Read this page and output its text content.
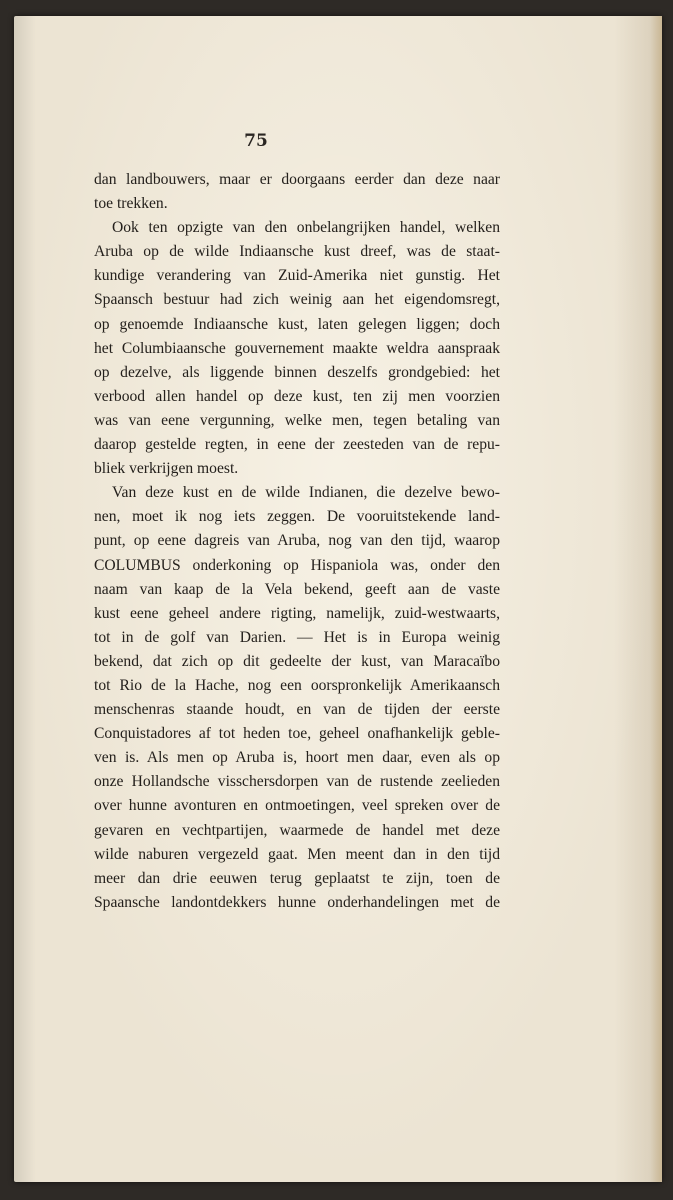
75

dan landbouwers, maar er doorgaans eerder dan deze naar
toe trekken.

Ook ten opzigte van den onbelangrijken handel, welken
Aruba op de wilde Indiaansche kust dreef, was de staat-
kundige verandering van Zuid-Amerika niet gunstig. Het
Spaansch bestuur had zich weinig aan het eigendomsregt,
op genoemde Indiaansche kust, laten gelegen liggen; doch
het Columbiaansche gouvernement maakte weldra aanspraak
op dezelve, als liggende binnen deszelfs grondgebied: het
verbood allen handel op deze kust, ten zij men voorzien
was van eene vergunning, welke men, tegen betaling van
daarop gestelde regten, in eene der zeesteden van de repu-
bliek verkrijgen moest.

Van deze kust en de wilde Indianen, die dezelve bewo-
nen, moet ik nog iets zeggen. De vooruitstekende land-
punt, op eene dagreis van Aruba, nog van den tijd, waarop
COLUMBUS onderkoning op Hispaniola was, onder den
naam van kaap de la Vela bekend, geeft aan de vaste
kust eene geheel andere rigting, namelijk, zuid-westwaarts,
tot in de golf van Darien. — Het is in Europa weinig
bekend, dat zich op dit gedeelte der kust, van Maracaïbo
tot Rio de la Hache, nog een oorspronkelijk Amerikaansch
menschenras staande houdt, en van de tijden der eerste
Conquistadores af tot heden toe, geheel onafhankelijk geble-
ven is. Als men op Aruba is, hoort men daar, even als op
onze Hollandsche visschersdorpen van de rustende zeelieden
over hunne avonturen en ontmoetingen, veel spreken over de
gevaren en vechtpartijen, waarmede de handel met deze
wilde naburen vergezeld gaat. Men meent dan in den tijd
meer dan drie eeuwen terug geplaatst te zijn, toen de
Spaansche landontdekkers hunne onderhandelingen met de
